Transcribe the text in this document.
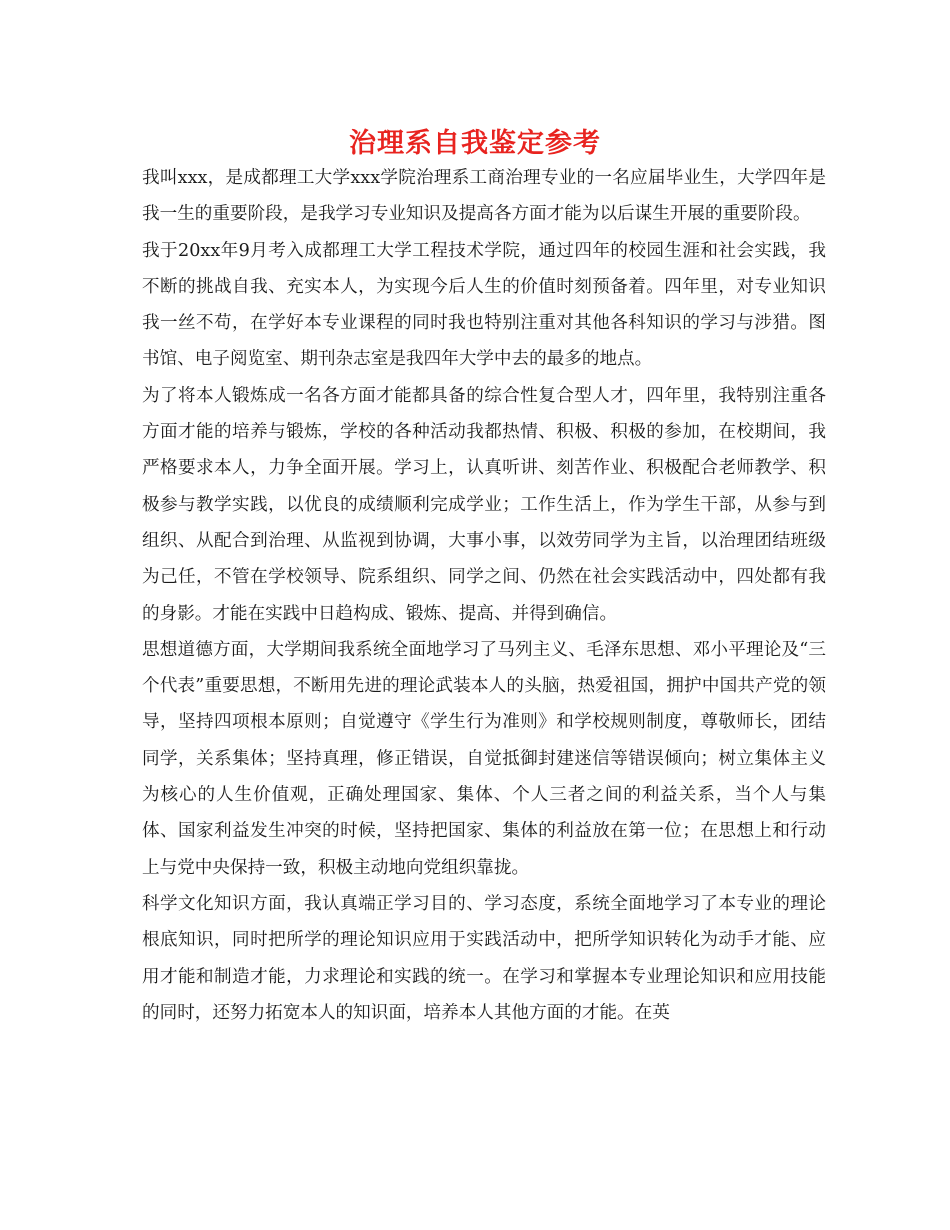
治理系自我鉴定参考

我叫xxx，是成都理工大学xxx学院治理系工商治理专业的一名应届毕业生，大学四年是我一生的重要阶段，是我学习专业知识及提高各方面才能为以后谋生开展的重要阶段。

我于20xx年9月考入成都理工大学工程技术学院，通过四年的校园生涯和社会实践，我不断的挑战自我、充实本人，为实现今后人生的价值时刻预备着。四年里，对专业知识我一丝不苟，在学好本专业课程的同时我也特别注重对其他各科知识的学习与涉猎。图书馆、电子阅览室、期刊杂志室是我四年大学中去的最多的地点。

为了将本人锻炼成一名各方面才能都具备的综合性复合型人才，四年里，我特别注重各方面才能的培养与锻炼，学校的各种活动我都热情、积极、积极的参加，在校期间，我严格要求本人，力争全面开展。学习上，认真听讲、刻苦作业、积极配合老师教学、积极参与教学实践，以优良的成绩顺利完成学业；工作生活上，作为学生干部，从参与到组织、从配合到治理、从监视到协调，大事小事，以效劳同学为主旨，以治理团结班级为己任，不管在学校领导、院系组织、同学之间、仍然在社会实践活动中，四处都有我的身影。才能在实践中日趋构成、锻炼、提高、并得到确信。

思想道德方面，大学期间我系统全面地学习了马列主义、毛泽东思想、邓小平理论及“三个代表”重要思想，不断用先进的理论武装本人的头脑，热爱祖国，拥护中国共产党的领导，坚持四项根本原则；自觉遵守《学生行为准则》和学校规则制度，尊敬师长，团结同学，关系集体；坚持真理，修正错误，自觉抵御封建迷信等错误倾向；树立集体主义为核心的人生价值观，正确处理国家、集体、个人三者之间的利益关系，当个人与集体、国家利益发生冲突的时候，坚持把国家、集体的利益放在第一位；在思想上和行动上与党中央保持一致，积极主动地向党组织靠拢。

科学文化知识方面，我认真端正学习目的、学习态度，系统全面地学习了本专业的理论根底知识，同时把所学的理论知识应用于实践活动中，把所学知识转化为动手才能、应用才能和制造才能，力求理论和实践的统一。在学习和掌握本专业理论知识和应用技能的同时，还努力拓宽本人的知识面，培养本人其他方面的才能。在英
